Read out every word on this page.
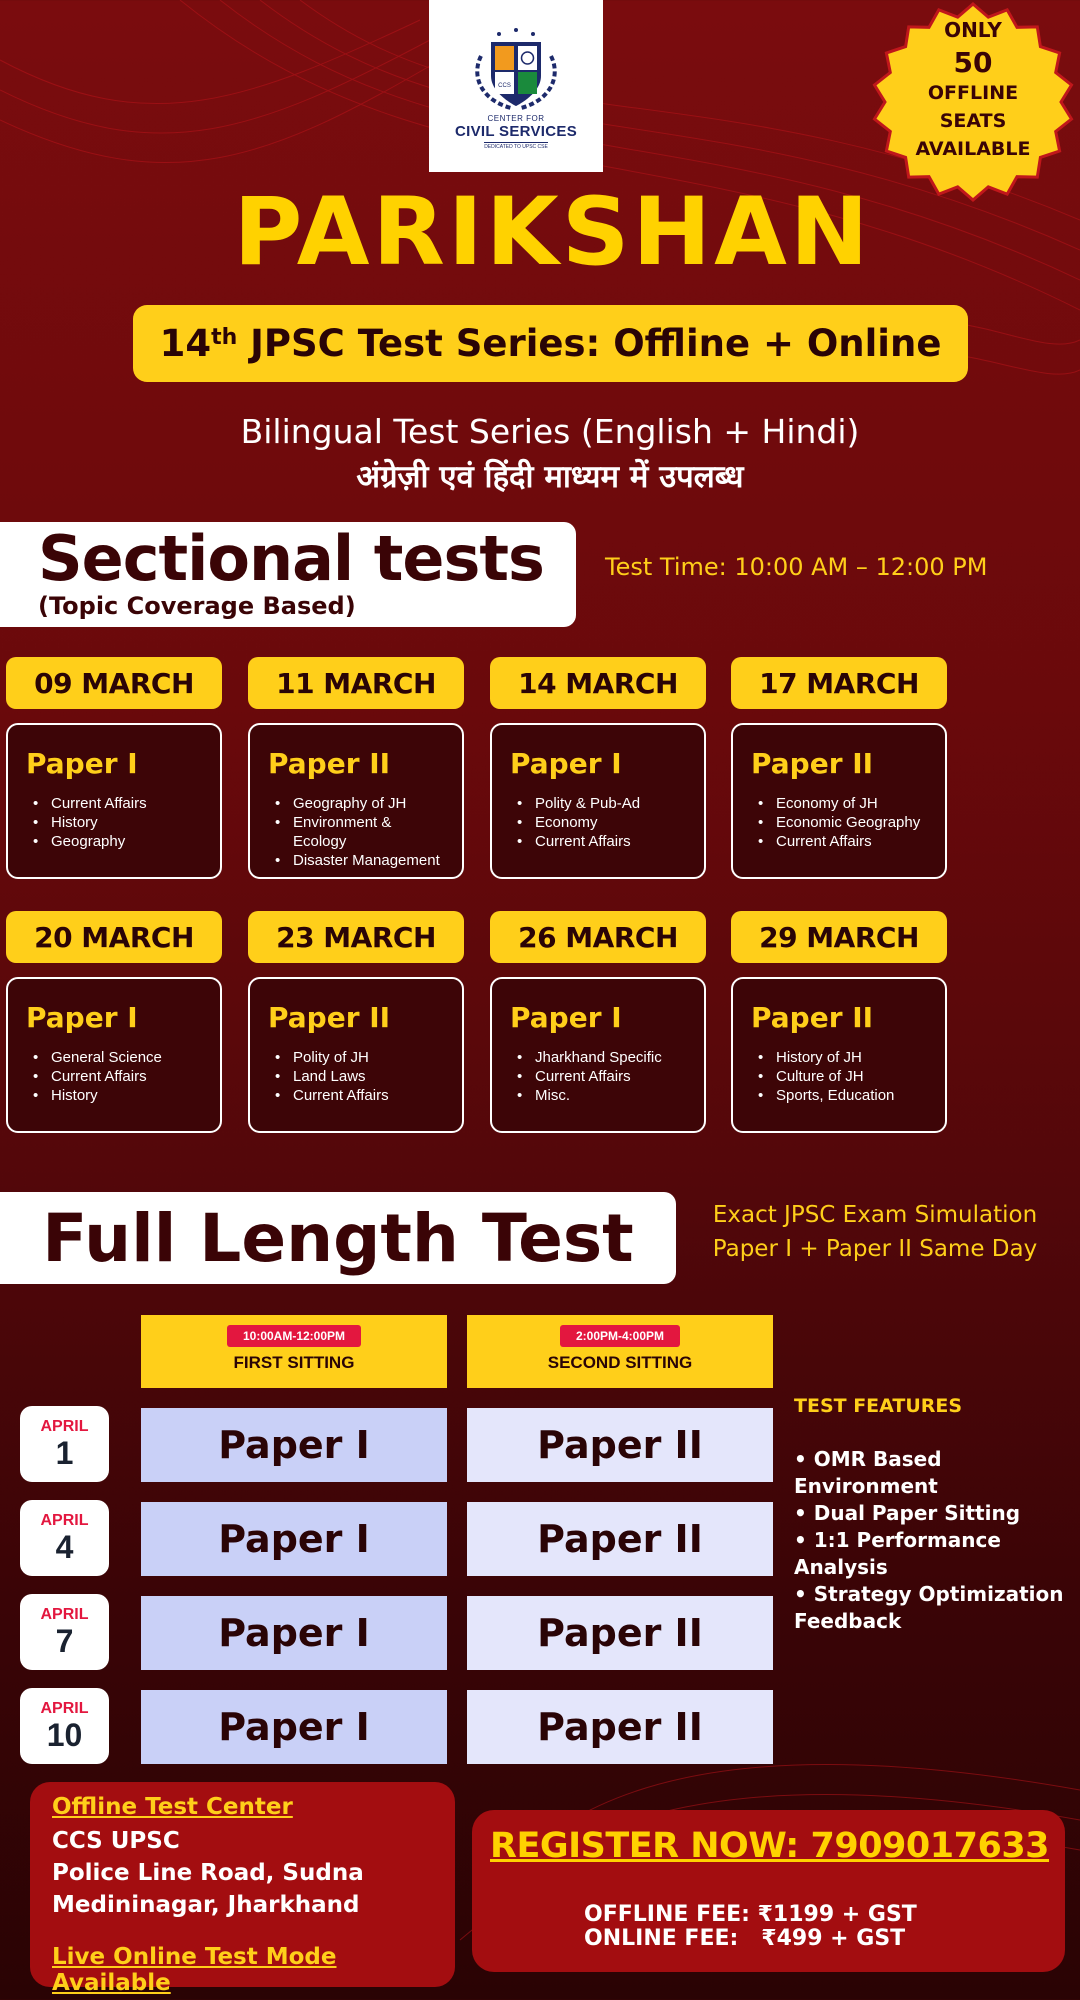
CCS
CENTER FOR
CIVIL SERVICES
DEDICATED TO UPSC CSE
ONLY
50
OFFLINE
SEATS
AVAILABLE
PARIKSHAN
14th JPSC Test Series: Offline + Online
Bilingual Test Series (English + Hindi)
अंग्रेज़ी एवं हिंदी माध्यम में उपलब्ध
Sectional tests
(Topic Coverage Based)
Test Time: 10:00 AM – 12:00 PM
09 MARCH
Paper I
• Current Affairs
• History
• Geography
11 MARCH
Paper II
• Geography of JH
• Environment & Ecology
• Disaster Management
14 MARCH
Paper I
• Polity & Pub-Ad
• Economy
• Current Affairs
17 MARCH
Paper II
• Economy of JH
• Economic Geography
• Current Affairs
20 MARCH
Paper I
• General Science
• Current Affairs
• History
23 MARCH
Paper II
• Polity of JH
• Land Laws
• Current Affairs
26 MARCH
Paper I
• Jharkhand Specific
• Current Affairs
• Misc.
29 MARCH
Paper II
• History of JH
• Culture of JH
• Sports, Education
Full Length Test	Exact JPSC Exam Simulation
Paper I + Paper II Same Day
10:00AM-12:00PM
FIRST SITTING
2:00PM-4:00PM
SECOND SITTING
APRIL
1	Paper I	Paper II
APRIL
4	Paper I	Paper II
APRIL
7	Paper I	Paper II
APRIL
10	Paper I	Paper II
TEST FEATURES
• OMR Based Environment
• Dual Paper Sitting
• 1:1 Performance Analysis
• Strategy Optimization Feedback
Offline Test Center
CCS UPSC
Police Line Road, Sudna
Medininagar, Jharkhand
Live Online Test Mode Available
REGISTER NOW: 7909017633
OFFLINE FEE: ₹1199 + GST
ONLINE FEE:   ₹499 + GST
